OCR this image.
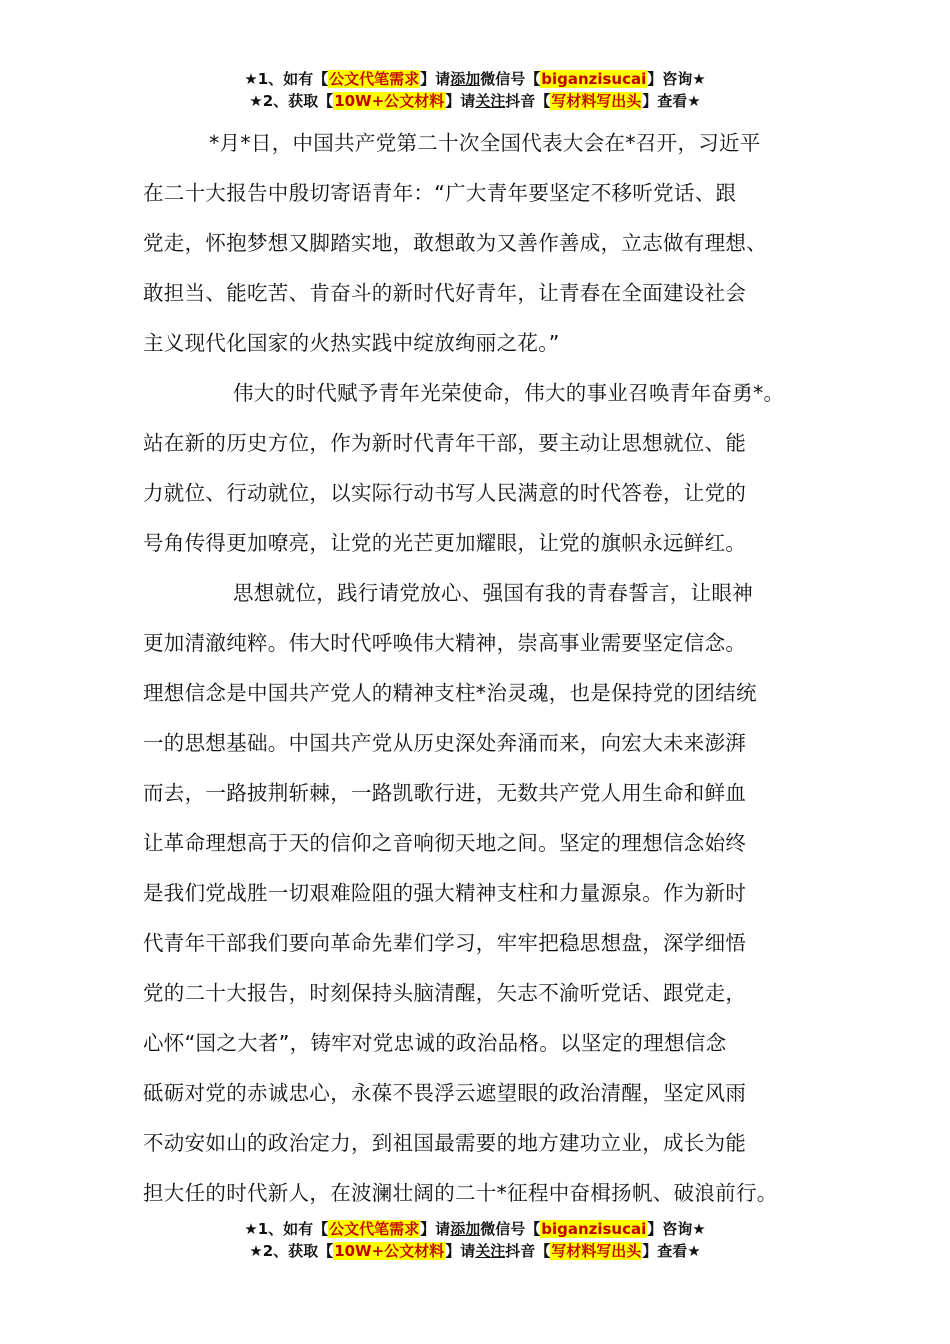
★1、如有【公文代笔需求】请添加微信号【biganzisucai】咨询★
★2、获取【10W+公文材料】请关注抖音【写材料写出头】查看★
*月*日，中国共产党第二十次全国代表大会在*召开，习近平
在二十大报告中殷切寄语青年：“广大青年要坚定不移听党话、跟
党走，怀抱梦想又脚踏实地，敢想敢为又善作善成，立志做有理想、
敢担当、能吃苦、肯奋斗的新时代好青年，让青春在全面建设社会
主义现代化国家的火热实践中绽放绚丽之花。”
伟大的时代赋予青年光荣使命，伟大的事业召唤青年奋勇*。
站在新的历史方位，作为新时代青年干部，要主动让思想就位、能
力就位、行动就位，以实际行动书写人民满意的时代答卷，让党的
号角传得更加嘹亮，让党的光芒更加耀眼，让党的旗帜永远鲜红。
思想就位，践行请党放心、强国有我的青春誓言，让眼神
更加清澈纯粹。伟大时代呼唤伟大精神，崇高事业需要坚定信念。
理想信念是中国共产党人的精神支柱*治灵魂，也是保持党的团结统
一的思想基础。中国共产党从历史深处奔涌而来，向宏大未来澎湃
而去，一路披荆斩棘，一路凯歌行进，无数共产党人用生命和鲜血
让革命理想高于天的信仰之音响彻天地之间。坚定的理想信念始终
是我们党战胜一切艰难险阻的强大精神支柱和力量源泉。作为新时
代青年干部我们要向革命先辈们学习，牢牢把稳思想盘，深学细悟
党的二十大报告，时刻保持头脑清醒，矢志不渝听党话、跟党走，
心怀“国之大者”，铸牢对党忠诚的政治品格。以坚定的理想信念
砥砺对党的赤诚忠心，永葆不畏浮云遮望眼的政治清醒，坚定风雨
不动安如山的政治定力，到祖国最需要的地方建功立业，成长为能
担大任的时代新人，在波澜壮阔的二十*征程中奋楫扬帆、破浪前行。
★1、如有【公文代笔需求】请添加微信号【biganzisucai】咨询★
★2、获取【10W+公文材料】请关注抖音【写材料写出头】查看★
